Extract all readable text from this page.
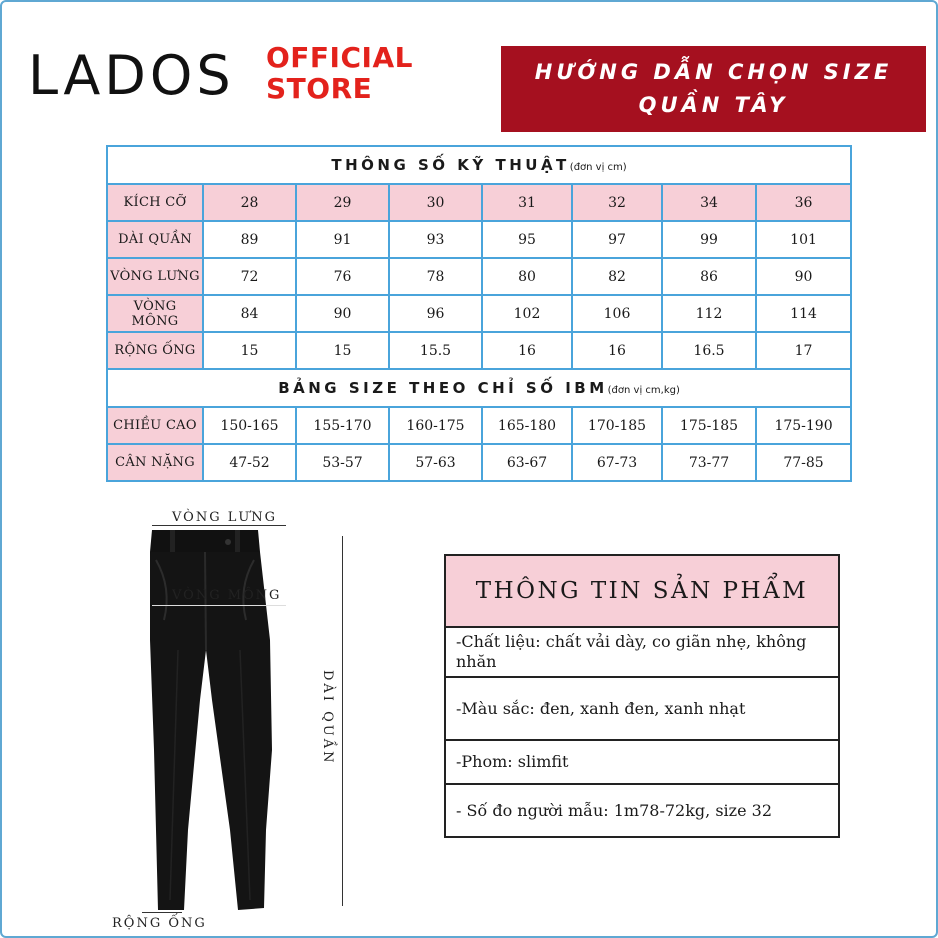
LADOS OFFICIAL
STORE	HƯỚNG DẪN CHỌN SIZE
QUẦN TÂY
THÔNG SỐ KỸ THUẬT(đơn vị cm)							
KÍCH CỠ	28	29	30	31	32	34	36
DÀI QUẦN	89	91	93	95	97	99	101
VÒNG LƯNG	72	76	78	80	82	86	90
VÒNG MÔNG	84	90	96	102	106	112	114
RỘNG ỐNG	15	15	15.5	16	16	16.5	17
BẢNG SIZE THEO CHỈ SỐ IBM(đơn vị cm,kg)							
CHIỀU CAO	150-165	155-170	160-175	165-180	170-185	175-185	175-190
CÂN NẶNG	47-52	53-57	57-63	63-67	67-73	73-77	77-85
VÒNG LƯNG
VÒNG MÔNG
DÀI QUẦN
RỘNG ỐNG
THÔNG TIN SẢN PHẨM
-Chất liệu: chất vải dày, co giãn nhẹ, không nhăn
-Màu sắc: đen, xanh đen, xanh nhạt
-Phom: slimfit
- Số đo người mẫu: 1m78-72kg, size 32
